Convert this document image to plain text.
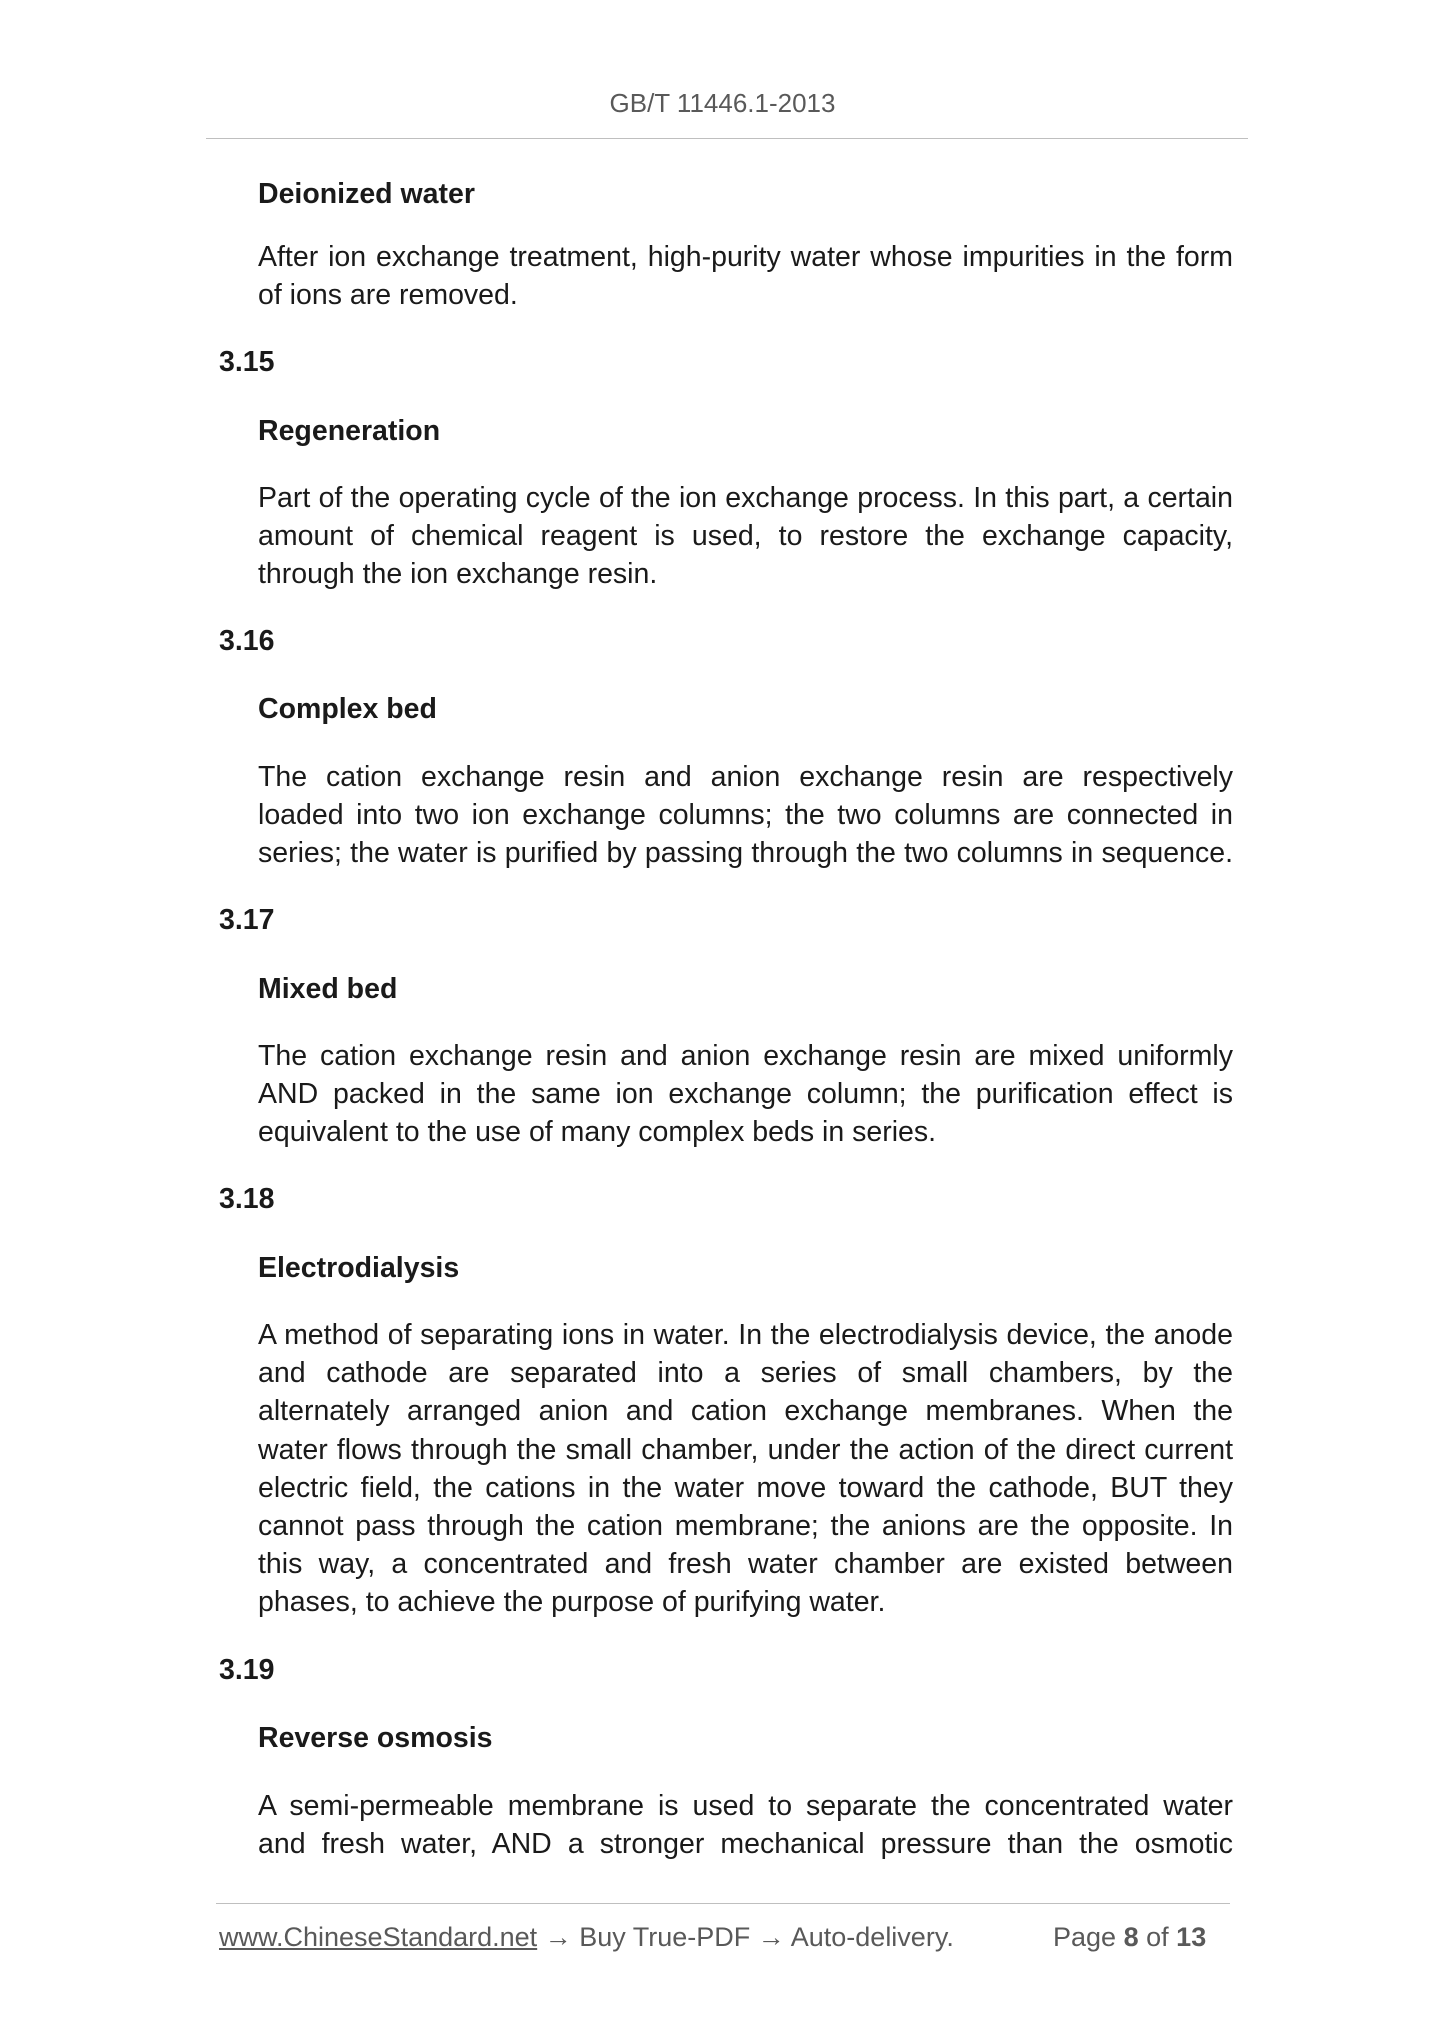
GB/T 11446.1-2013
Deionized water
After ion exchange treatment, high-purity water whose impurities in the form
of ions are removed.
3.15
Regeneration
Part of the operating cycle of the ion exchange process. In this part, a certain
amount of chemical reagent is used, to restore the exchange capacity,
through the ion exchange resin.
3.16
Complex bed
The cation exchange resin and anion exchange resin are respectively
loaded into two ion exchange columns; the two columns are connected in
series; the water is purified by passing through the two columns in sequence.
3.17
Mixed bed
The cation exchange resin and anion exchange resin are mixed uniformly
AND packed in the same ion exchange column; the purification effect is
equivalent to the use of many complex beds in series.
3.18
Electrodialysis
A method of separating ions in water. In the electrodialysis device, the anode
and cathode are separated into a series of small chambers, by the
alternately arranged anion and cation exchange membranes. When the
water flows through the small chamber, under the action of the direct current
electric field, the cations in the water move toward the cathode, BUT they
cannot pass through the cation membrane; the anions are the opposite. In
this way, a concentrated and fresh water chamber are existed between
phases, to achieve the purpose of purifying water.
3.19
Reverse osmosis
A semi-permeable membrane is used to separate the concentrated water
and fresh water, AND a stronger mechanical pressure than the osmotic
www.ChineseStandard.net → Buy True-PDF → Auto-delivery.	Page 8 of 13
